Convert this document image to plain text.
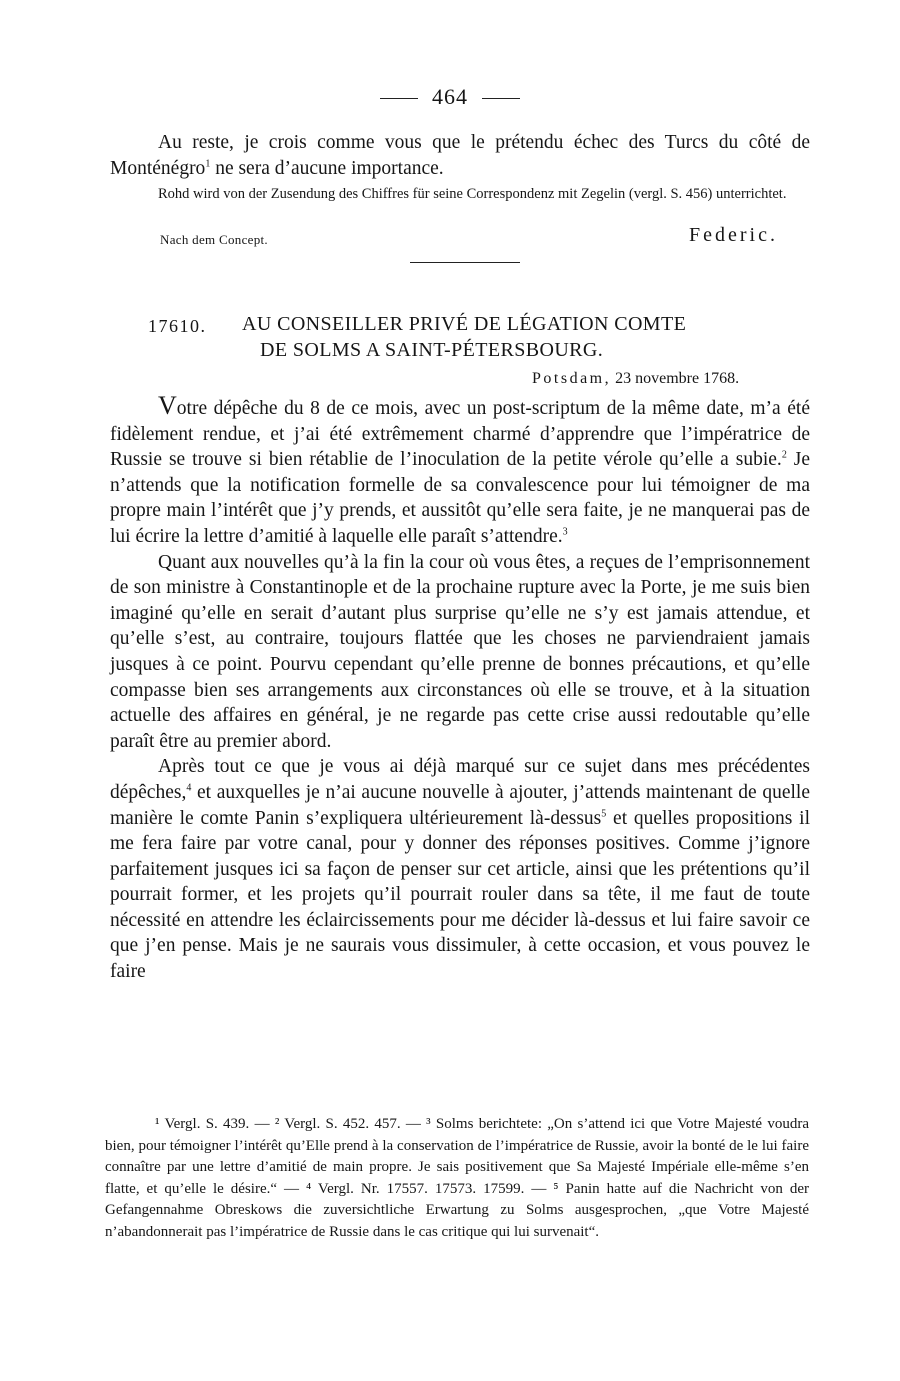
464
Au reste, je crois comme vous que le prétendu échec des Turcs du côté de Monténégro$^1$ ne sera d’aucune importance.
Rohd wird von der Zusendung des Chiffres für seine Correspondenz mit Zegelin (vergl. S. 456) unterrichtet.
Nach dem Concept.	Federic.
17610. AU CONSEILLER PRIVÉ DE LÉGATION COMTE
DE SOLMS A SAINT-PÉTERSBOURG.
Potsdam, 23 novembre 1768.

Votre dépêche du 8 de ce mois, avec un post-scriptum de la même date, m’a été fidèlement rendue, et j’ai été extrêmement charmé d’apprendre que l’impératrice de Russie se trouve si bien rétablie de l’inoculation de la petite vérole qu’elle a subie.$^2$ Je n’attends que la notification formelle de sa convalescence pour lui témoigner de ma propre main l’intérêt que j’y prends, et aussitôt qu’elle sera faite, je ne manquerai pas de lui écrire la lettre d’amitié à laquelle elle paraît s’attendre.$^3$

Quant aux nouvelles qu’à la fin la cour où vous êtes, a reçues de l’emprisonnement de son ministre à Constantinople et de la prochaine rupture avec la Porte, je me suis bien imaginé qu’elle en serait d’autant plus surprise qu’elle ne s’y est jamais attendue, et qu’elle s’est, au contraire, toujours flattée que les choses ne parviendraient jamais jusques à ce point. Pourvu cependant qu’elle prenne de bonnes précautions, et qu’elle compasse bien ses arrangements aux circonstances où elle se trouve, et à la situation actuelle des affaires en général, je ne regarde pas cette crise aussi redoutable qu’elle paraît être au premier abord.

Après tout ce que je vous ai déjà marqué sur ce sujet dans mes précédentes dépêches,$^4$ et auxquelles je n’ai aucune nouvelle à ajouter, j’attends maintenant de quelle manière le comte Panin s’expliquera ultérieurement là-dessus$^5$ et quelles propositions il me fera faire par votre canal, pour y donner des réponses positives. Comme j’ignore parfaitement jusques ici sa façon de penser sur cet article, ainsi que les prétentions qu’il pourrait former, et les projets qu’il pourrait rouler dans sa tête, il me faut de toute nécessité en attendre les éclaircissements pour me décider là-dessus et lui faire savoir ce que j’en pense. Mais je ne saurais vous dissimuler, à cette occasion, et vous pouvez le faire

¹ Vergl. S. 439. — ² Vergl. S. 452. 457. — ³ Solms berichtete: „On s’attend ici que Votre Majesté voudra bien, pour témoigner l’intérêt qu’Elle prend à la conservation de l’impératrice de Russie, avoir la bonté de le lui faire connaître par une lettre d’amitié de main propre. Je sais positivement que Sa Majesté Impériale elle-même s’en flatte, et qu’elle le désire.“ — ⁴ Vergl. Nr. 17557. 17573. 17599. — ⁵ Panin hatte auf die Nachricht von der Gefangennahme Obreskows die zuversichtliche Erwartung zu Solms ausgesprochen, „que Votre Majesté n’abandonnerait pas l’impératrice de Russie dans le cas critique qui lui survenait“.
